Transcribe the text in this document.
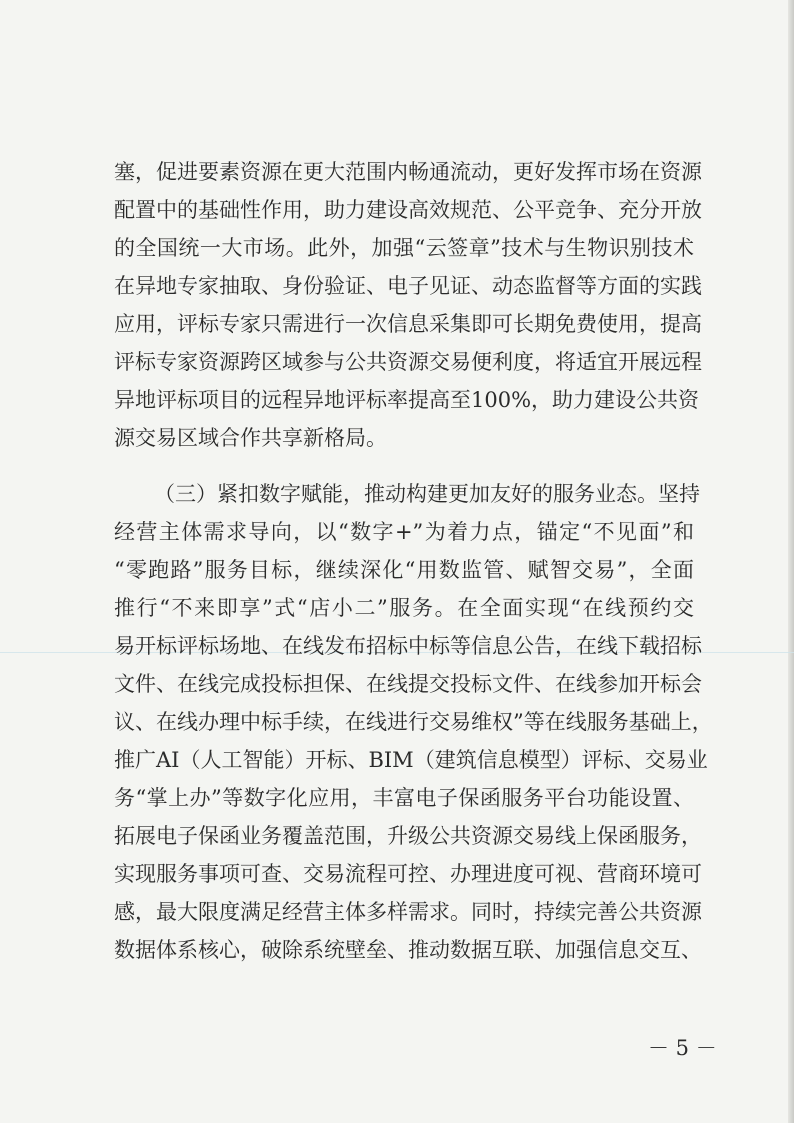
塞，促进要素资源在更大范围内畅通流动，更好发挥市场在资源
配置中的基础性作用，助力建设高效规范、公平竞争、充分开放
的全国统一大市场。此外，加强“云签章”技术与生物识别技术
在异地专家抽取、身份验证、电子见证、动态监督等方面的实践
应用，评标专家只需进行一次信息采集即可长期免费使用，提高
评标专家资源跨区域参与公共资源交易便利度，将适宜开展远程
异地评标项目的远程异地评标率提高至100%，助力建设公共资
源交易区域合作共享新格局。
（三）紧扣数字赋能，推动构建更加友好的服务业态。坚持
经营主体需求导向，以“数字+”为着力点，锚定“不见面”和
“零跑路”服务目标，继续深化“用数监管、赋智交易”，全面
推行“不来即享”式“店小二”服务。在全面实现“在线预约交
易开标评标场地、在线发布招标中标等信息公告，在线下载招标
文件、在线完成投标担保、在线提交投标文件、在线参加开标会
议、在线办理中标手续，在线进行交易维权”等在线服务基础上，
推广AI（人工智能）开标、BIM（建筑信息模型）评标、交易业
务“掌上办”等数字化应用，丰富电子保函服务平台功能设置、
拓展电子保函业务覆盖范围，升级公共资源交易线上保函服务，
实现服务事项可查、交易流程可控、办理进度可视、营商环境可
感，最大限度满足经营主体多样需求。同时，持续完善公共资源
数据体系核心，破除系统壁垒、推动数据互联、加强信息交互、
－ 5 －
